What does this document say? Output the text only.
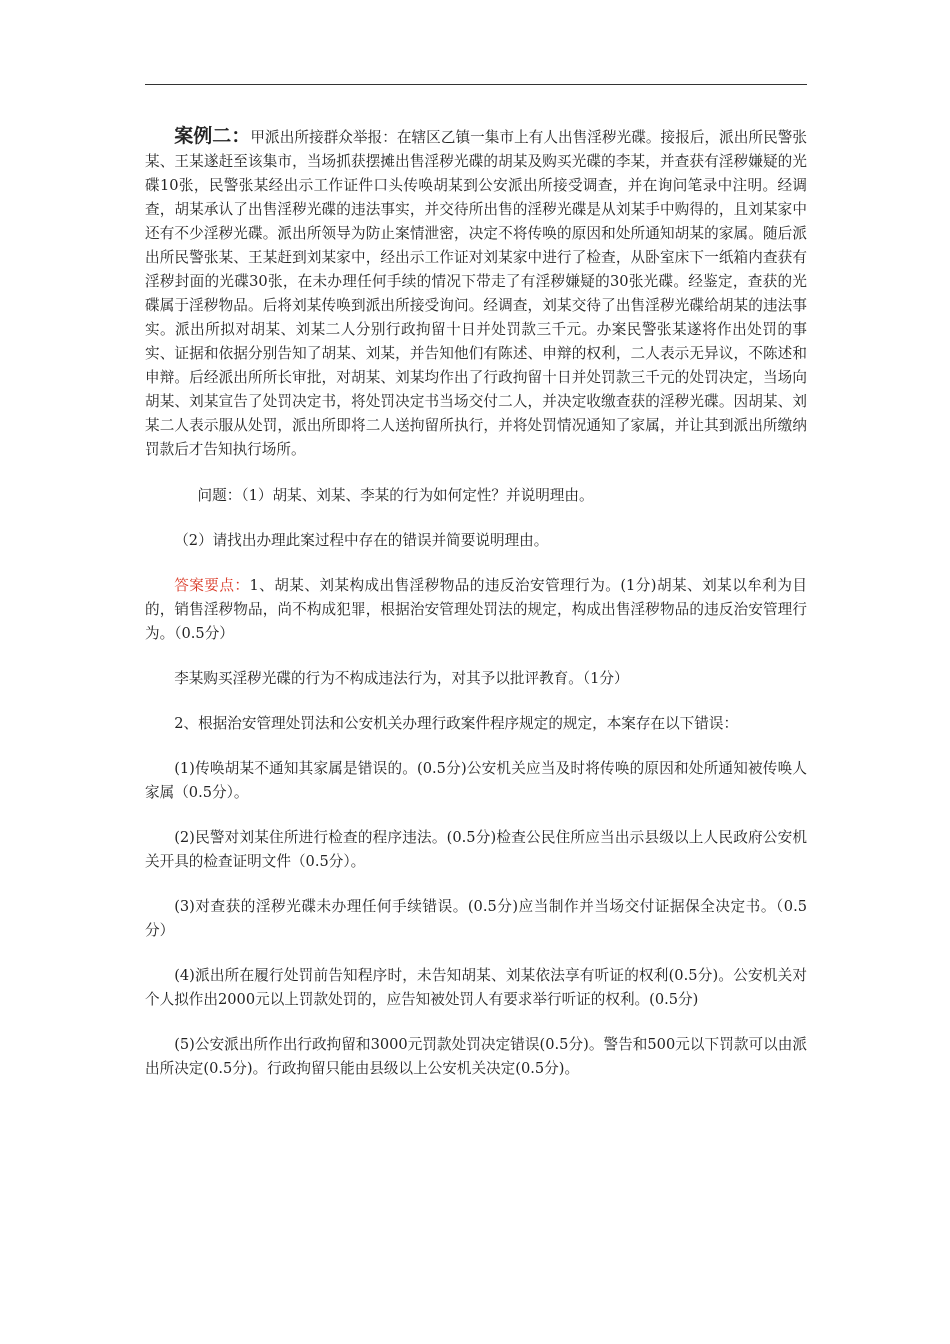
案例二：甲派出所接群众举报：在辖区乙镇一集市上有人出售淫秽光碟。接报后，派出所民警张某、王某遂赶至该集市，当场抓获摆摊出售淫秽光碟的胡某及购买光碟的李某，并查获有淫秽嫌疑的光碟10张，民警张某经出示工作证件口头传唤胡某到公安派出所接受调查，并在询问笔录中注明。经调查，胡某承认了出售淫秽光碟的违法事实，并交待所出售的淫秽光碟是从刘某手中购得的，且刘某家中还有不少淫秽光碟。派出所领导为防止案情泄密，决定不将传唤的原因和处所通知胡某的家属。随后派出所民警张某、王某赶到刘某家中，经出示工作证对刘某家中进行了检查，从卧室床下一纸箱内查获有淫秽封面的光碟30张，在未办理任何手续的情况下带走了有淫秽嫌疑的30张光碟。经鉴定，查获的光碟属于淫秽物品。后将刘某传唤到派出所接受询问。经调查，刘某交待了出售淫秽光碟给胡某的违法事实。派出所拟对胡某、刘某二人分别行政拘留十日并处罚款三千元。办案民警张某遂将作出处罚的事实、证据和依据分别告知了胡某、刘某，并告知他们有陈述、申辩的权利，二人表示无异议，不陈述和申辩。后经派出所所长审批，对胡某、刘某均作出了行政拘留十日并处罚款三千元的处罚决定，当场向胡某、刘某宣告了处罚决定书，将处罚决定书当场交付二人，并决定收缴查获的淫秽光碟。因胡某、刘某二人表示服从处罚，派出所即将二人送拘留所执行，并将处罚情况通知了家属，并让其到派出所缴纳罚款后才告知执行场所。

问题：（1）胡某、刘某、李某的行为如何定性？并说明理由。

（2）请找出办理此案过程中存在的错误并简要说明理由。

答案要点：1、胡某、刘某构成出售淫秽物品的违反治安管理行为。(1分)胡某、刘某以牟利为目的，销售淫秽物品，尚不构成犯罪，根据治安管理处罚法的规定，构成出售淫秽物品的违反治安管理行为。（0.5分）

李某购买淫秽光碟的行为不构成违法行为，对其予以批评教育。（1分）

2、根据治安管理处罚法和公安机关办理行政案件程序规定的规定，本案存在以下错误：

(1)传唤胡某不通知其家属是错误的。(0.5分)公安机关应当及时将传唤的原因和处所通知被传唤人家属（0.5分）。

(2)民警对刘某住所进行检查的程序违法。(0.5分)检查公民住所应当出示县级以上人民政府公安机关开具的检查证明文件（0.5分）。

(3)对查获的淫秽光碟未办理任何手续错误。(0.5分)应当制作并当场交付证据保全决定书。（0.5分）

(4)派出所在履行处罚前告知程序时，未告知胡某、刘某依法享有听证的权利(0.5分)。公安机关对个人拟作出2000元以上罚款处罚的，应告知被处罚人有要求举行听证的权利。(0.5分)

(5)公安派出所作出行政拘留和3000元罚款处罚决定错误(0.5分)。警告和500元以下罚款可以由派出所决定(0.5分)。行政拘留只能由县级以上公安机关决定(0.5分)。
